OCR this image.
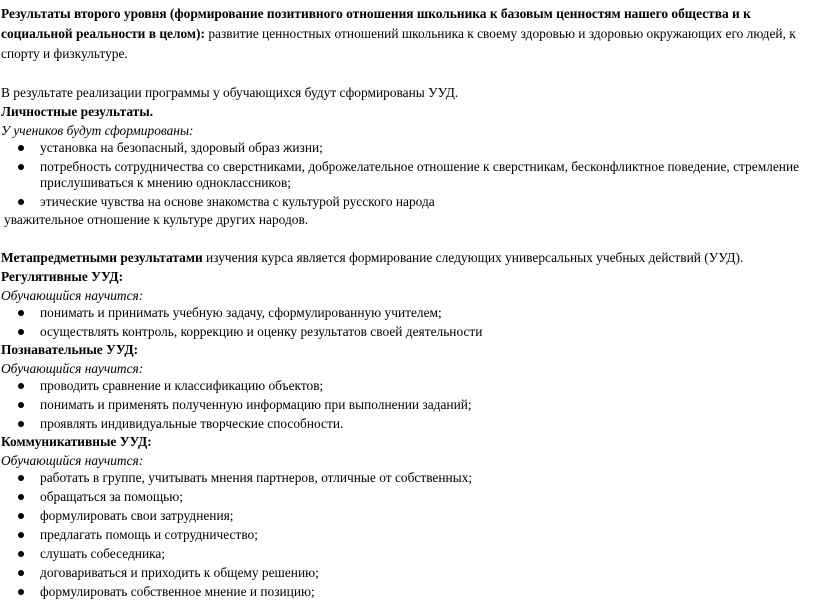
Результаты второго уровня (формирование позитивного отношения школьника к базовым ценностям нашего общества и к социальной реальности в целом): развитие ценностных отношений школьника к своему здоровью и здоровью окружающих его людей, к спорту и физкультуре.

В результате реализации программы у обучающихся будут сформированы УУД.

Личностные результаты.

У учеников будут сформированы:

установка на безопасный, здоровый образ жизни;
потребность сотрудничества со сверстниками, доброжелательное отношение к сверстникам, бесконфликтное поведение, стремление прислушиваться к мнению одноклассников;
этические чувства на основе знакомства с культурой русского народа

уважительное отношение к культуре других народов.

Метапредметными результатами изучения курса является формирование следующих универсальных учебных действий (УУД).

Регулятивные УУД:

Обучающийся научится:

понимать и принимать учебную задачу, сформулированную учителем;
осуществлять контроль, коррекцию и оценку результатов своей деятельности

Познавательные УУД:

Обучающийся научится:

проводить сравнение и классификацию объектов;
понимать и применять полученную информацию при выполнении заданий;
проявлять индивидуальные творческие способности.

Коммуникативные УУД:

Обучающийся научится:

работать в группе, учитывать мнения партнеров, отличные от собственных;
обращаться за помощью;
формулировать свои затруднения;
предлагать помощь и сотрудничество;
слушать собеседника;
договариваться и приходить к общему решению;
формулировать собственное мнение и позицию;
